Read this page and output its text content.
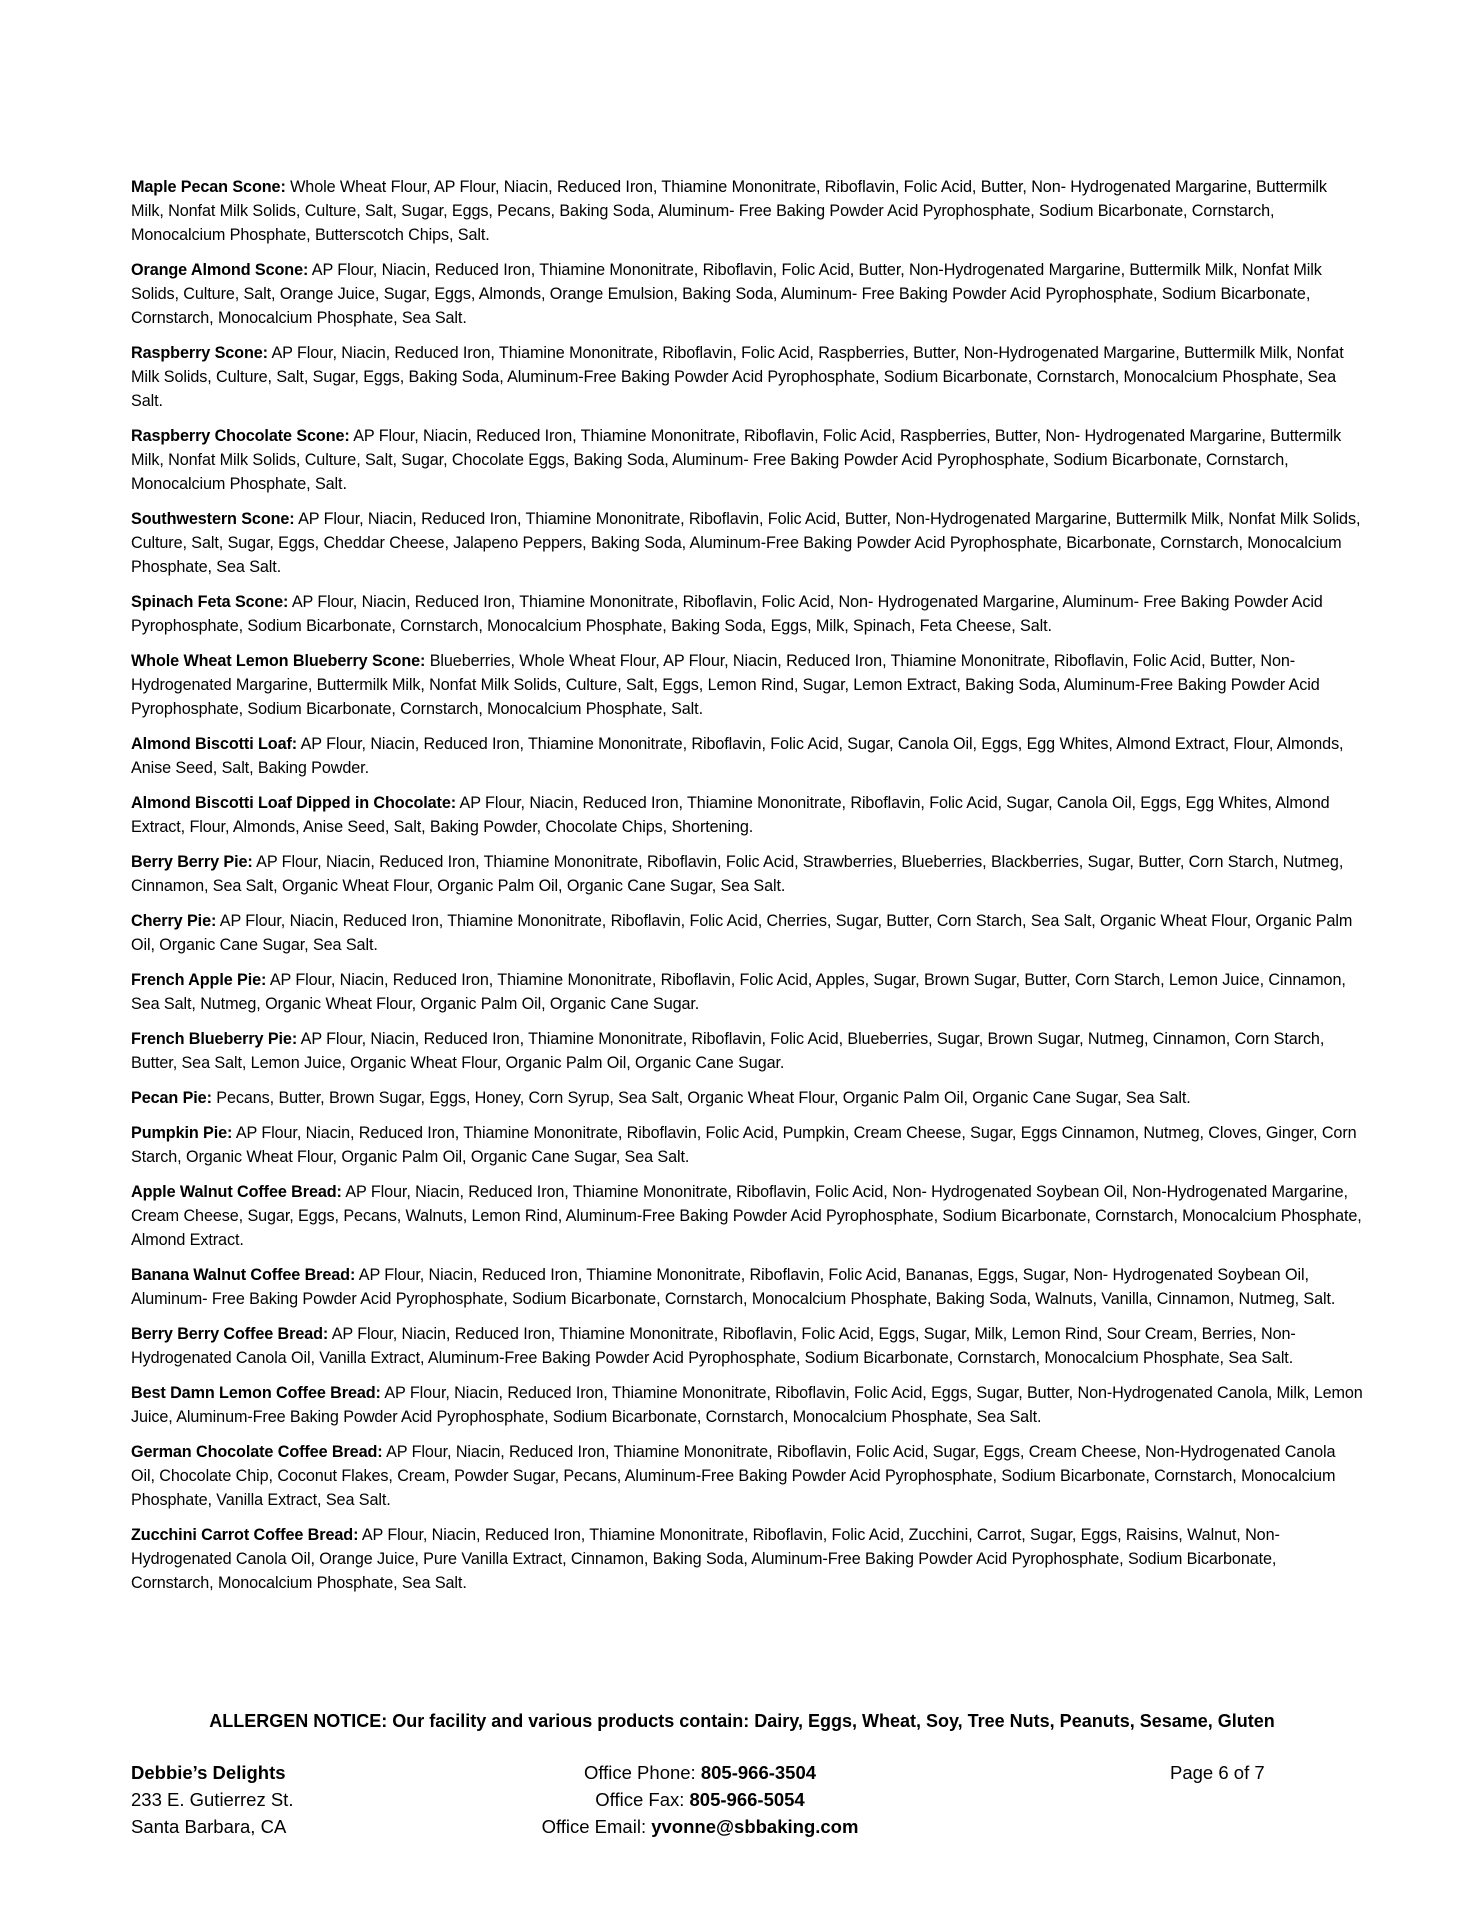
Maple Pecan Scone: Whole Wheat Flour, AP Flour, Niacin, Reduced Iron, Thiamine Mononitrate, Riboflavin, Folic Acid, Butter, Non- Hydrogenated Margarine, Buttermilk Milk, Nonfat Milk Solids, Culture, Salt, Sugar, Eggs, Pecans, Baking Soda, Aluminum- Free Baking Powder Acid Pyrophosphate, Sodium Bicarbonate, Cornstarch, Monocalcium Phosphate, Butterscotch Chips, Salt.

Orange Almond Scone: AP Flour, Niacin, Reduced Iron, Thiamine Mononitrate, Riboflavin, Folic Acid, Butter, Non-Hydrogenated Margarine, Buttermilk Milk, Nonfat Milk Solids, Culture, Salt, Orange Juice, Sugar, Eggs, Almonds, Orange Emulsion, Baking Soda, Aluminum- Free Baking Powder Acid Pyrophosphate, Sodium Bicarbonate, Cornstarch, Monocalcium Phosphate, Sea Salt.

Raspberry Scone: AP Flour, Niacin, Reduced Iron, Thiamine Mononitrate, Riboflavin, Folic Acid, Raspberries, Butter, Non-Hydrogenated Margarine, Buttermilk Milk, Nonfat Milk Solids, Culture, Salt, Sugar, Eggs, Baking Soda, Aluminum-Free Baking Powder Acid Pyrophosphate, Sodium Bicarbonate, Cornstarch, Monocalcium Phosphate, Sea Salt.

Raspberry Chocolate Scone: AP Flour, Niacin, Reduced Iron, Thiamine Mononitrate, Riboflavin, Folic Acid, Raspberries, Butter, Non- Hydrogenated Margarine, Buttermilk Milk, Nonfat Milk Solids, Culture, Salt, Sugar, Chocolate Eggs, Baking Soda, Aluminum- Free Baking Powder Acid Pyrophosphate, Sodium Bicarbonate, Cornstarch, Monocalcium Phosphate, Salt.

Southwestern Scone: AP Flour, Niacin, Reduced Iron, Thiamine Mononitrate, Riboflavin, Folic Acid, Butter, Non-Hydrogenated Margarine, Buttermilk Milk, Nonfat Milk Solids, Culture, Salt, Sugar, Eggs, Cheddar Cheese, Jalapeno Peppers, Baking Soda, Aluminum-Free Baking Powder Acid Pyrophosphate, Bicarbonate, Cornstarch, Monocalcium Phosphate, Sea Salt.

Spinach Feta Scone: AP Flour, Niacin, Reduced Iron, Thiamine Mononitrate, Riboflavin, Folic Acid, Non- Hydrogenated Margarine, Aluminum- Free Baking Powder Acid Pyrophosphate, Sodium Bicarbonate, Cornstarch, Monocalcium Phosphate, Baking Soda, Eggs, Milk, Spinach, Feta Cheese, Salt.

Whole Wheat Lemon Blueberry Scone: Blueberries, Whole Wheat Flour, AP Flour, Niacin, Reduced Iron, Thiamine Mononitrate, Riboflavin, Folic Acid, Butter, Non- Hydrogenated Margarine, Buttermilk Milk, Nonfat Milk Solids, Culture, Salt, Eggs, Lemon Rind, Sugar, Lemon Extract, Baking Soda, Aluminum-Free Baking Powder Acid Pyrophosphate, Sodium Bicarbonate, Cornstarch, Monocalcium Phosphate, Salt.

Almond Biscotti Loaf: AP Flour, Niacin, Reduced Iron, Thiamine Mononitrate, Riboflavin, Folic Acid, Sugar, Canola Oil, Eggs, Egg Whites, Almond Extract, Flour, Almonds, Anise Seed, Salt, Baking Powder.

Almond Biscotti Loaf Dipped in Chocolate: AP Flour, Niacin, Reduced Iron, Thiamine Mononitrate, Riboflavin, Folic Acid, Sugar, Canola Oil, Eggs, Egg Whites, Almond Extract, Flour, Almonds, Anise Seed, Salt, Baking Powder, Chocolate Chips, Shortening.

Berry Berry Pie: AP Flour, Niacin, Reduced Iron, Thiamine Mononitrate, Riboflavin, Folic Acid, Strawberries, Blueberries, Blackberries, Sugar, Butter, Corn Starch, Nutmeg, Cinnamon, Sea Salt, Organic Wheat Flour, Organic Palm Oil, Organic Cane Sugar, Sea Salt.

Cherry Pie: AP Flour, Niacin, Reduced Iron, Thiamine Mononitrate, Riboflavin, Folic Acid, Cherries, Sugar, Butter, Corn Starch, Sea Salt, Organic Wheat Flour, Organic Palm Oil, Organic Cane Sugar, Sea Salt.

French Apple Pie: AP Flour, Niacin, Reduced Iron, Thiamine Mononitrate, Riboflavin, Folic Acid, Apples, Sugar, Brown Sugar, Butter, Corn Starch, Lemon Juice, Cinnamon, Sea Salt, Nutmeg, Organic Wheat Flour, Organic Palm Oil, Organic Cane Sugar.

French Blueberry Pie: AP Flour, Niacin, Reduced Iron, Thiamine Mononitrate, Riboflavin, Folic Acid, Blueberries, Sugar, Brown Sugar, Nutmeg, Cinnamon, Corn Starch, Butter, Sea Salt, Lemon Juice, Organic Wheat Flour, Organic Palm Oil, Organic Cane Sugar.

Pecan Pie: Pecans, Butter, Brown Sugar, Eggs, Honey, Corn Syrup, Sea Salt, Organic Wheat Flour, Organic Palm Oil, Organic Cane Sugar, Sea Salt.

Pumpkin Pie: AP Flour, Niacin, Reduced Iron, Thiamine Mononitrate, Riboflavin, Folic Acid, Pumpkin, Cream Cheese, Sugar, Eggs Cinnamon, Nutmeg, Cloves, Ginger, Corn Starch, Organic Wheat Flour, Organic Palm Oil, Organic Cane Sugar, Sea Salt.

Apple Walnut Coffee Bread: AP Flour, Niacin, Reduced Iron, Thiamine Mononitrate, Riboflavin, Folic Acid, Non- Hydrogenated Soybean Oil, Non-Hydrogenated Margarine, Cream Cheese, Sugar, Eggs, Pecans, Walnuts, Lemon Rind, Aluminum-Free Baking Powder Acid Pyrophosphate, Sodium Bicarbonate, Cornstarch, Monocalcium Phosphate, Almond Extract.

Banana Walnut Coffee Bread: AP Flour, Niacin, Reduced Iron, Thiamine Mononitrate, Riboflavin, Folic Acid, Bananas, Eggs, Sugar, Non- Hydrogenated Soybean Oil, Aluminum- Free Baking Powder Acid Pyrophosphate, Sodium Bicarbonate, Cornstarch, Monocalcium Phosphate, Baking Soda, Walnuts, Vanilla, Cinnamon, Nutmeg, Salt.

Berry Berry Coffee Bread: AP Flour, Niacin, Reduced Iron, Thiamine Mononitrate, Riboflavin, Folic Acid, Eggs, Sugar, Milk, Lemon Rind, Sour Cream, Berries, Non-Hydrogenated Canola Oil, Vanilla Extract, Aluminum-Free Baking Powder Acid Pyrophosphate, Sodium Bicarbonate, Cornstarch, Monocalcium Phosphate, Sea Salt.

Best Damn Lemon Coffee Bread: AP Flour, Niacin, Reduced Iron, Thiamine Mononitrate, Riboflavin, Folic Acid, Eggs, Sugar, Butter, Non-Hydrogenated Canola, Milk, Lemon Juice, Aluminum-Free Baking Powder Acid Pyrophosphate, Sodium Bicarbonate, Cornstarch, Monocalcium Phosphate, Sea Salt.

German Chocolate Coffee Bread: AP Flour, Niacin, Reduced Iron, Thiamine Mononitrate, Riboflavin, Folic Acid, Sugar, Eggs, Cream Cheese, Non-Hydrogenated Canola Oil, Chocolate Chip, Coconut Flakes, Cream, Powder Sugar, Pecans, Aluminum-Free Baking Powder Acid Pyrophosphate, Sodium Bicarbonate, Cornstarch, Monocalcium Phosphate, Vanilla Extract, Sea Salt.

Zucchini Carrot Coffee Bread: AP Flour, Niacin, Reduced Iron, Thiamine Mononitrate, Riboflavin, Folic Acid, Zucchini, Carrot, Sugar, Eggs, Raisins, Walnut, Non- Hydrogenated Canola Oil, Orange Juice, Pure Vanilla Extract, Cinnamon, Baking Soda, Aluminum-Free Baking Powder Acid Pyrophosphate, Sodium Bicarbonate, Cornstarch, Monocalcium Phosphate, Sea Salt.

ALLERGEN NOTICE: Our facility and various products contain: Dairy, Eggs, Wheat, Soy, Tree Nuts, Peanuts, Sesame, Gluten
Debbie’s Delights
233 E. Gutierrez St.
Santa Barbara, CA
Office Phone: 805-966-3504
Office Fax: 805-966-5054
Office Email: yvonne@sbbaking.com
Page 6 of 7
